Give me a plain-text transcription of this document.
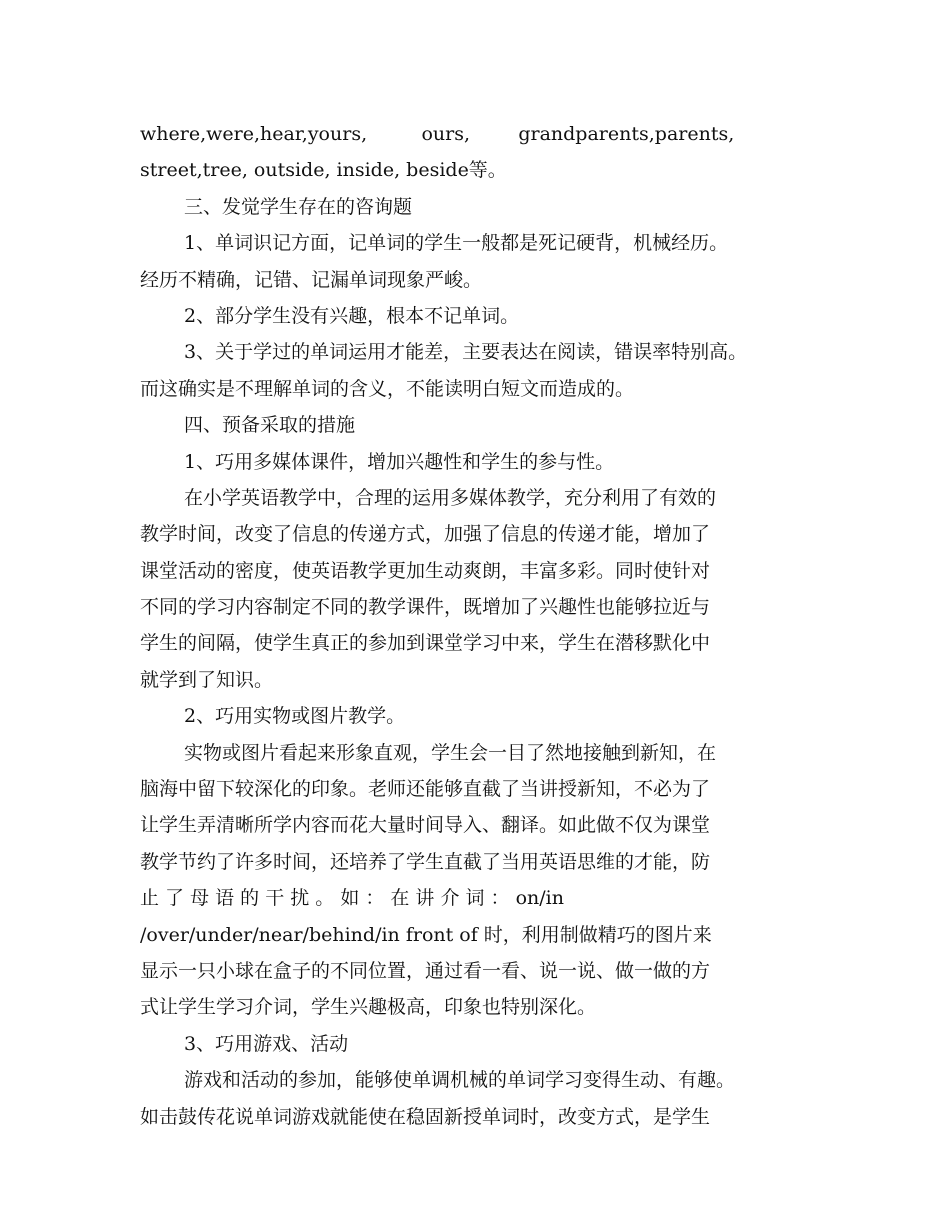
where,were,hear,yours,         ours,        grandparents,parents,
street,tree, outside, inside, beside等。
三、发觉学生存在的咨询题
1、单词识记方面，记单词的学生一般都是死记硬背，机械经历。
经历不精确，记错、记漏单词现象严峻。
2、部分学生没有兴趣，根本不记单词。
3、关于学过的单词运用才能差，主要表达在阅读，错误率特别高。
而这确实是不理解单词的含义，不能读明白短文而造成的。
四、预备采取的措施
1、巧用多媒体课件，增加兴趣性和学生的参与性。
在小学英语教学中，合理的运用多媒体教学，充分利用了有效的
教学时间，改变了信息的传递方式，加强了信息的传递才能，增加了
课堂活动的密度，使英语教学更加生动爽朗，丰富多彩。同时使针对
不同的学习内容制定不同的教学课件，既增加了兴趣性也能够拉近与
学生的间隔，使学生真正的参加到课堂学习中来，学生在潜移默化中
就学到了知识。
2、巧用实物或图片教学。
实物或图片看起来形象直观，学生会一目了然地接触到新知，在
脑海中留下较深化的印象。老师还能够直截了当讲授新知，不必为了
让学生弄清晰所学内容而花大量时间导入、翻译。如此做不仅为课堂
教学节约了许多时间，还培养了学生直截了当用英语思维的才能，防
止 了 母 语 的 干 扰 。 如 ： 在 讲 介 词 ： on/in
/over/under/near/behind/in front of 时，利用制做精巧的图片来
显示一只小球在盒子的不同位置，通过看一看、说一说、做一做的方
式让学生学习介词，学生兴趣极高，印象也特别深化。
3、巧用游戏、活动
游戏和活动的参加，能够使单调机械的单词学习变得生动、有趣。
如击鼓传花说单词游戏就能使在稳固新授单词时，改变方式，是学生
